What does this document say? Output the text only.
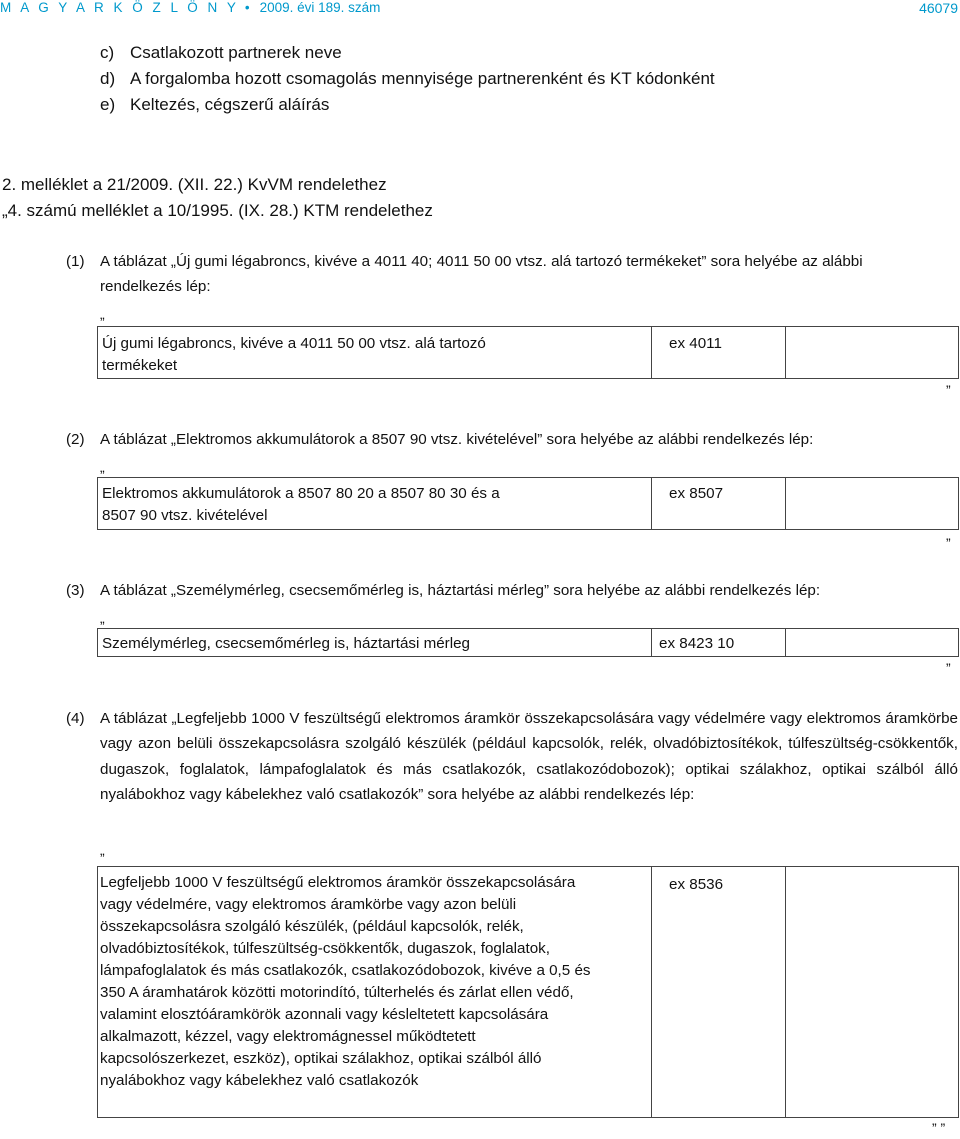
M A G Y A R K Ö Z L Ö N Y • 2009. évi 189. szám	46079
c) Csatlakozott partnerek neve
d) A forgalomba hozott csomagolás mennyisége partnerenként és KT kódonként
e) Keltezés, cégszerű aláírás
2. melléklet a 21/2009. (XII. 22.) KvVM rendelethez
„4. számú melléklet a 10/1995. (IX. 28.) KTM rendelethez
(1) A táblázat „Új gumi légabroncs, kivéve a 4011 40; 4011 50 00 vtsz. alá tartozó termékeket” sora helyébe az alábbi
rendelkezés lép:
„
Új gumi légabroncs, kivéve a 4011 50 00 vtsz. alá tartozó termékeket
ex 4011
”
(2) A táblázat „Elektromos akkumulátorok a 8507 90 vtsz. kivételével” sora helyébe az alábbi rendelkezés lép:
„
Elektromos akkumulátorok a 8507 80 20 a 8507 80 30 és a 8507 90 vtsz. kivételével
ex 8507
”
(3) A táblázat „Személymérleg, csecsemőmérleg is, háztartási mérleg” sora helyébe az alábbi rendelkezés lép:
„
Személymérleg, csecsemőmérleg is, háztartási mérleg	ex 8423 10
”
(4) A táblázat „Legfeljebb 1000 V feszültségű elektromos áramkör összekapcsolására vagy védelmére vagy elektromos áramkörbe vagy azon belüli összekapcsolásra szolgáló készülék (például kapcsolók, relék, olvadóbiztosítékok, túlfeszültség-csökkentők, dugaszok, foglalatok, lámpafoglalatok és más csatlakozók, csatlakozódobozok); optikai szálakhoz, optikai szálból álló nyalábokhoz vagy kábelekhez való csatlakozók” sora helyébe az alábbi rendelkezés lép:
„
Legfeljebb 1000 V feszültségű elektromos áramkör összekapcsolására vagy védelmére, vagy elektromos áramkörbe vagy azon belüli összekapcsolásra szolgáló készülék, (például kapcsolók, relék, olvadóbiztosítékok, túlfeszültség-csökkentők, dugaszok, foglalatok, lámpafoglalatok és más csatlakozók, csatlakozódobozok, kivéve a 0,5 és 350 A áramhatárok közötti motorindító, túlterhelés és zárlat ellen védő, valamint elosztóáramkörök azonnali vagy késleltetett kapcsolására alkalmazott, kézzel, vagy elektromágnessel működtetett kapcsolószerkezet, eszköz), optikai szálakhoz, optikai szálból álló nyalábokhoz vagy kábelekhez való csatlakozók
ex 8536
” ”
